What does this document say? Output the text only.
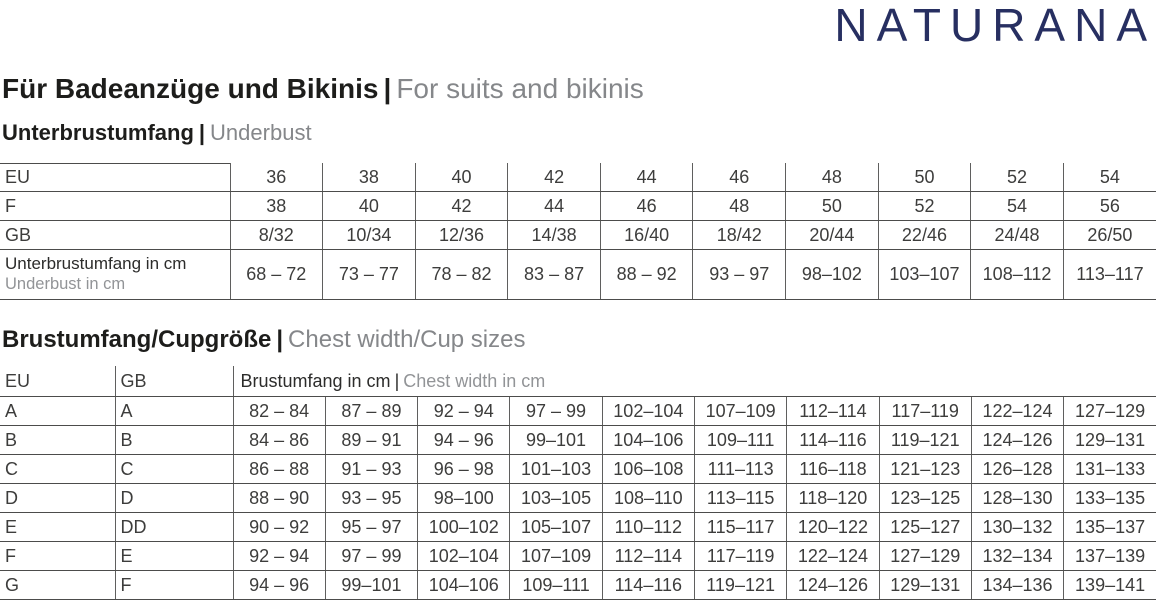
NATURANA
Für Badeanzüge und Bikinis | For suits and bikinis
Unterbrustumfang | Underbust
EU	36	38	40	42	44	46	48	50	52	54
F	38	40	42	44	46	48	50	52	54	56
GB	8/32	10/34	12/36	14/38	16/40	18/42	20/44	22/46	24/48	26/50

Unterbrustumfang in cm
Underbust in cm	68 – 72	73 – 77	78 – 82	83 – 87	88 – 92	93 – 97	98–102	103–107	108–112	113–117
Brustumfang/Cupgröße | Chest width/Cup sizes
EU	GB	Brustumfang in cm | Chest width in cm									
A	A	82 – 84	87 – 89	92 – 94	97 – 99	102–104	107–109	112–114	117–119	122–124	127–129
B	B	84 – 86	89 – 91	94 – 96	99–101	104–106	109–111	114–116	119–121	124–126	129–131
C	C	86 – 88	91 – 93	96 – 98	101–103	106–108	111–113	116–118	121–123	126–128	131–133
D	D	88 – 90	93 – 95	98–100	103–105	108–110	113–115	118–120	123–125	128–130	133–135
E	DD	90 – 92	95 – 97	100–102	105–107	110–112	115–117	120–122	125–127	130–132	135–137
F	E	92 – 94	97 – 99	102–104	107–109	112–114	117–119	122–124	127–129	132–134	137–139
G	F	94 – 96	99–101	104–106	109–111	114–116	119–121	124–126	129–131	134–136	139–141
